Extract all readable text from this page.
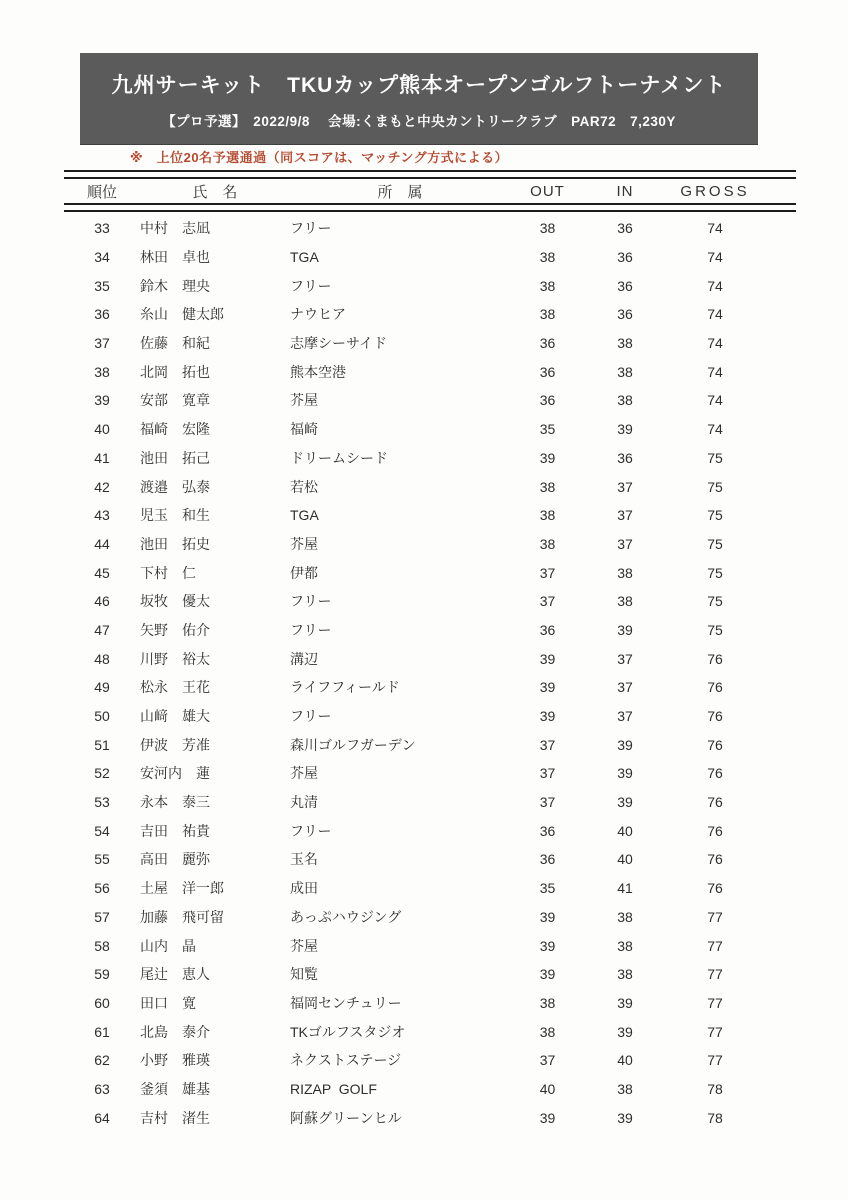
九州サーキット　TKUカップ熊本オープンゴルフトーナメント
【プロ予選】　2022/9/8　 会場:くまもと中央カントリークラブ　PAR72　7,230Y
※　上位20名予選通過（同スコアは、マッチング方式による）
順位	氏　名	所　属	OUT	IN	GROSS
33	中村　志凪	フリー	38	36	74
34	林田　卓也	TGA	38	36	74
35	鈴木　理央	フリー	38	36	74
36	糸山　健太郎	ナウヒア	38	36	74
37	佐藤　和紀	志摩シーサイド	36	38	74
38	北岡　拓也	熊本空港	36	38	74
39	安部　寛章	芥屋	36	38	74
40	福崎　宏隆	福崎	35	39	74
41	池田　拓己	ドリームシード	39	36	75
42	渡邉　弘泰	若松	38	37	75
43	児玉　和生	TGA	38	37	75
44	池田　拓史	芥屋	38	37	75
45	下村　仁	伊都	37	38	75
46	坂牧　優太	フリー	37	38	75
47	矢野　佑介	フリー	36	39	75
48	川野　裕太	溝辺	39	37	76
49	松永　王花	ライフフィールド	39	37	76
50	山﨑　雄大	フリー	39	37	76
51	伊波　芳准	森川ゴルフガーデン	37	39	76
52	安河内　蓮	芥屋	37	39	76
53	永本　泰三	丸清	37	39	76
54	吉田　祐貴	フリー	36	40	76
55	高田　麗弥	玉名	36	40	76
56	土屋　洋一郎	成田	35	41	76
57	加藤　飛可留	あっぷハウジング	39	38	77
58	山内　晶	芥屋	39	38	77
59	尾辻　恵人	知覧	39	38	77
60	田口　寛	福岡センチュリー	38	39	77
61	北島　泰介	TKゴルフスタジオ	38	39	77
62	小野　雅瑛	ネクストステージ	37	40	77
63	釜須　雄基	RIZAP  GOLF	40	38	78
64	吉村　渚生	阿蘇グリーンヒル	39	39	78
